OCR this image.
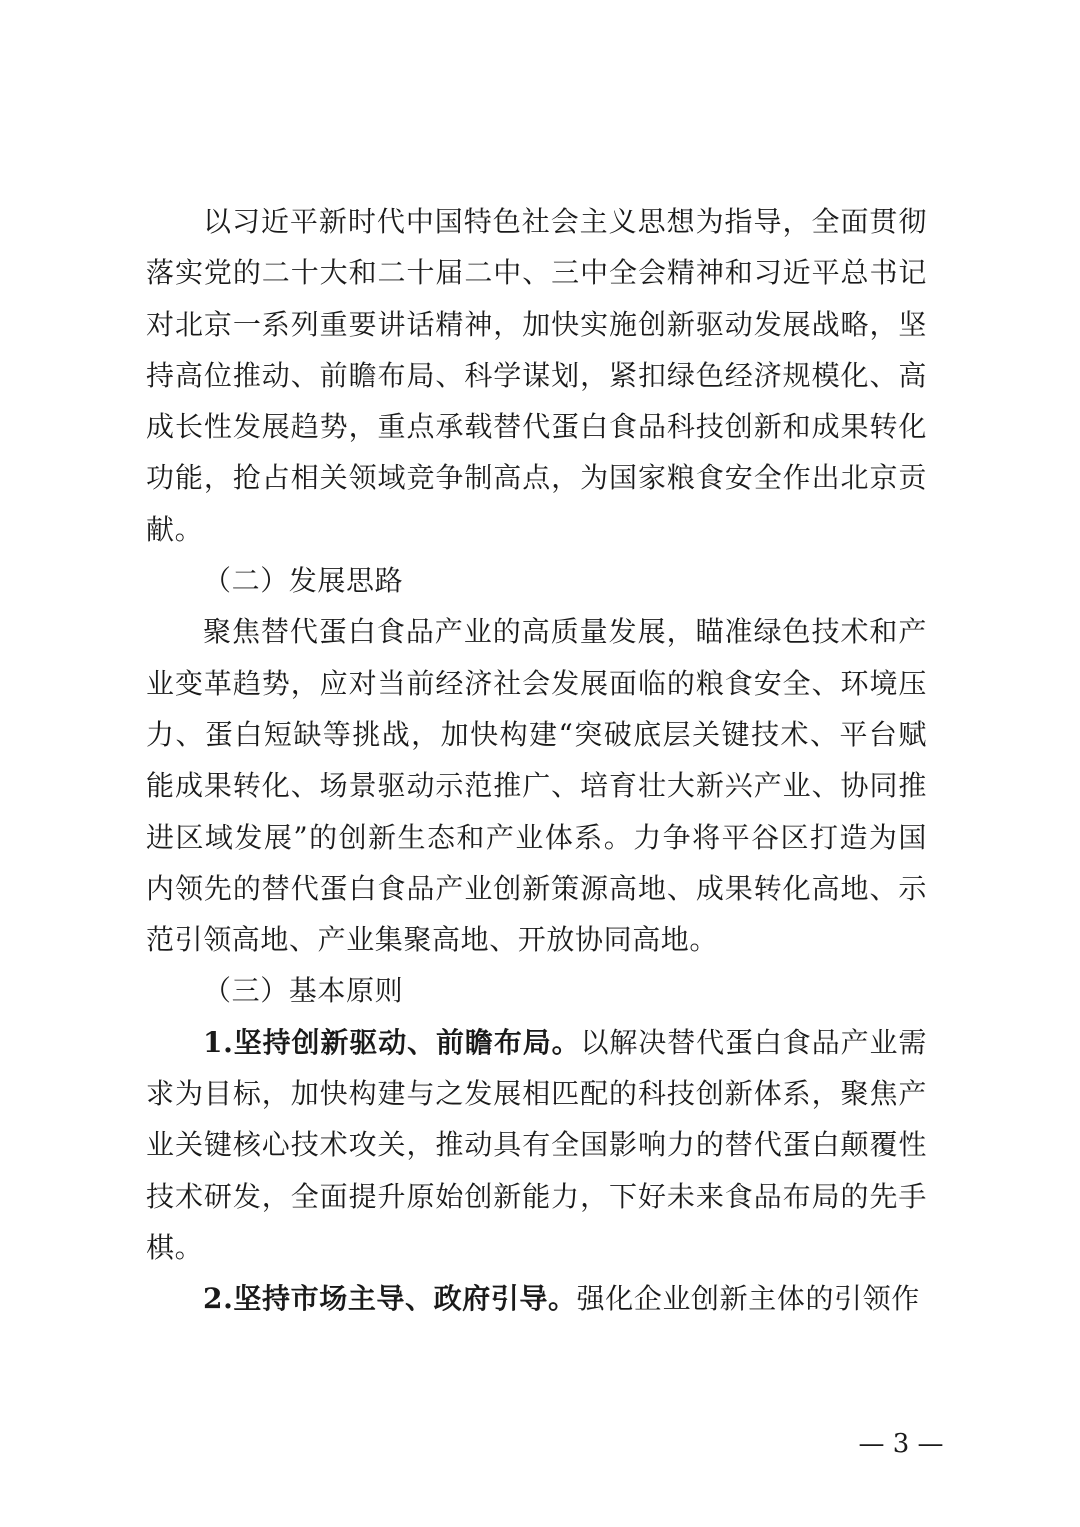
以习近平新时代中国特色社会主义思想为指导，全面贯彻落实党的二十大和二十届二中、三中全会精神和习近平总书记对北京一系列重要讲话精神，加快实施创新驱动发展战略，坚持高位推动、前瞻布局、科学谋划，紧扣绿色经济规模化、高成长性发展趋势，重点承载替代蛋白食品科技创新和成果转化功能，抢占相关领域竞争制高点，为国家粮食安全作出北京贡献。

（二）发展思路

聚焦替代蛋白食品产业的高质量发展，瞄准绿色技术和产业变革趋势，应对当前经济社会发展面临的粮食安全、环境压力、蛋白短缺等挑战，加快构建“突破底层关键技术、平台赋能成果转化、场景驱动示范推广、培育壮大新兴产业、协同推进区域发展”的创新生态和产业体系。力争将平谷区打造为国内领先的替代蛋白食品产业创新策源高地、成果转化高地、示范引领高地、产业集聚高地、开放协同高地。

（三）基本原则

1.坚持创新驱动、前瞻布局。以解决替代蛋白食品产业需求为目标，加快构建与之发展相匹配的科技创新体系，聚焦产业关键核心技术攻关，推动具有全国影响力的替代蛋白颠覆性技术研发，全面提升原始创新能力，下好未来食品布局的先手棋。

2.坚持市场主导、政府引导。强化企业创新主体的引领作

— 3 —
